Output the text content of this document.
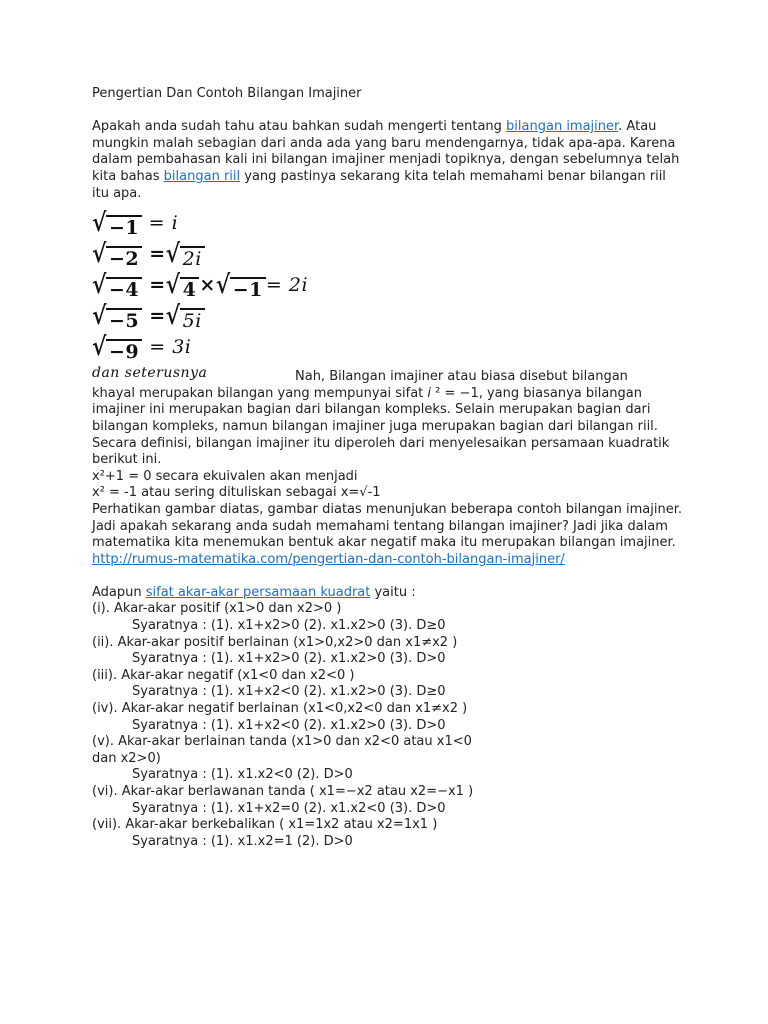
Pengertian Dan Contoh Bilangan Imajiner

Apakah anda sudah tahu atau bahkan sudah mengerti tentang bilangan imajiner. Atau mungkin malah sebagian dari anda ada yang baru mendengarnya, tidak apa-apa. Karena dalam pembahasan kali ini bilangan imajiner menjadi topiknya, dengan sebelumnya telah kita bahas bilangan riil yang pastinya sekarang kita telah memahami benar bilangan riil itu apa.

√ −1
= i
√ −2
= √ 2i
√ −4
= √ 4 × √ −1 = 2i
√ −5
= √ 5i
√ −9
= 3i
dan seterusnya	Nah, Bilangan imajiner atau biasa disebut bilangan

khayal merupakan bilangan yang mempunyai sifat i ² = −1, yang biasanya bilangan imajiner ini merupakan bagian dari bilangan kompleks. Selain merupakan bagian dari bilangan kompleks, namun bilangan imajiner juga merupakan bagian dari bilangan riil.

Secara definisi, bilangan imajiner itu diperoleh dari menyelesaikan persamaan kuadratik berikut ini.

x²+1 = 0 secara ekuivalen akan menjadi

x² = -1 atau sering dituliskan sebagai x=√-1

Perhatikan gambar diatas, gambar diatas menunjukan beberapa contoh bilangan imajiner. Jadi apakah sekarang anda sudah memahami tentang bilangan imajiner? Jadi jika dalam matematika kita menemukan bentuk akar negatif maka itu merupakan bilangan imajiner.

http://rumus-matematika.com/pengertian-dan-contoh-bilangan-imajiner/

Adapun sifat akar-akar persamaan kuadrat yaitu :

(i). Akar-akar positif (x1>0 dan x2>0 )

Syaratnya : (1). x1+x2>0 (2). x1.x2>0 (3). D≥0

(ii). Akar-akar positif berlainan (x1>0,x2>0 dan x1≠x2 )

Syaratnya : (1). x1+x2>0 (2). x1.x2>0 (3). D>0

(iii). Akar-akar negatif (x1<0 dan x2<0 )

Syaratnya : (1). x1+x2<0 (2). x1.x2>0 (3). D≥0

(iv). Akar-akar negatif berlainan (x1<0,x2<0 dan x1≠x2 )

Syaratnya : (1). x1+x2<0 (2). x1.x2>0 (3). D>0

(v). Akar-akar berlainan tanda (x1>0 dan x2<0 atau x1<0 dan x2>0)

Syaratnya : (1). x1.x2<0 (2). D>0

(vi). Akar-akar berlawanan tanda ( x1=−x2 atau x2=−x1 )

Syaratnya : (1). x1+x2=0 (2). x1.x2<0 (3). D>0

(vii). Akar-akar berkebalikan ( x1=1x2 atau x2=1x1 )

Syaratnya : (1). x1.x2=1 (2). D>0
